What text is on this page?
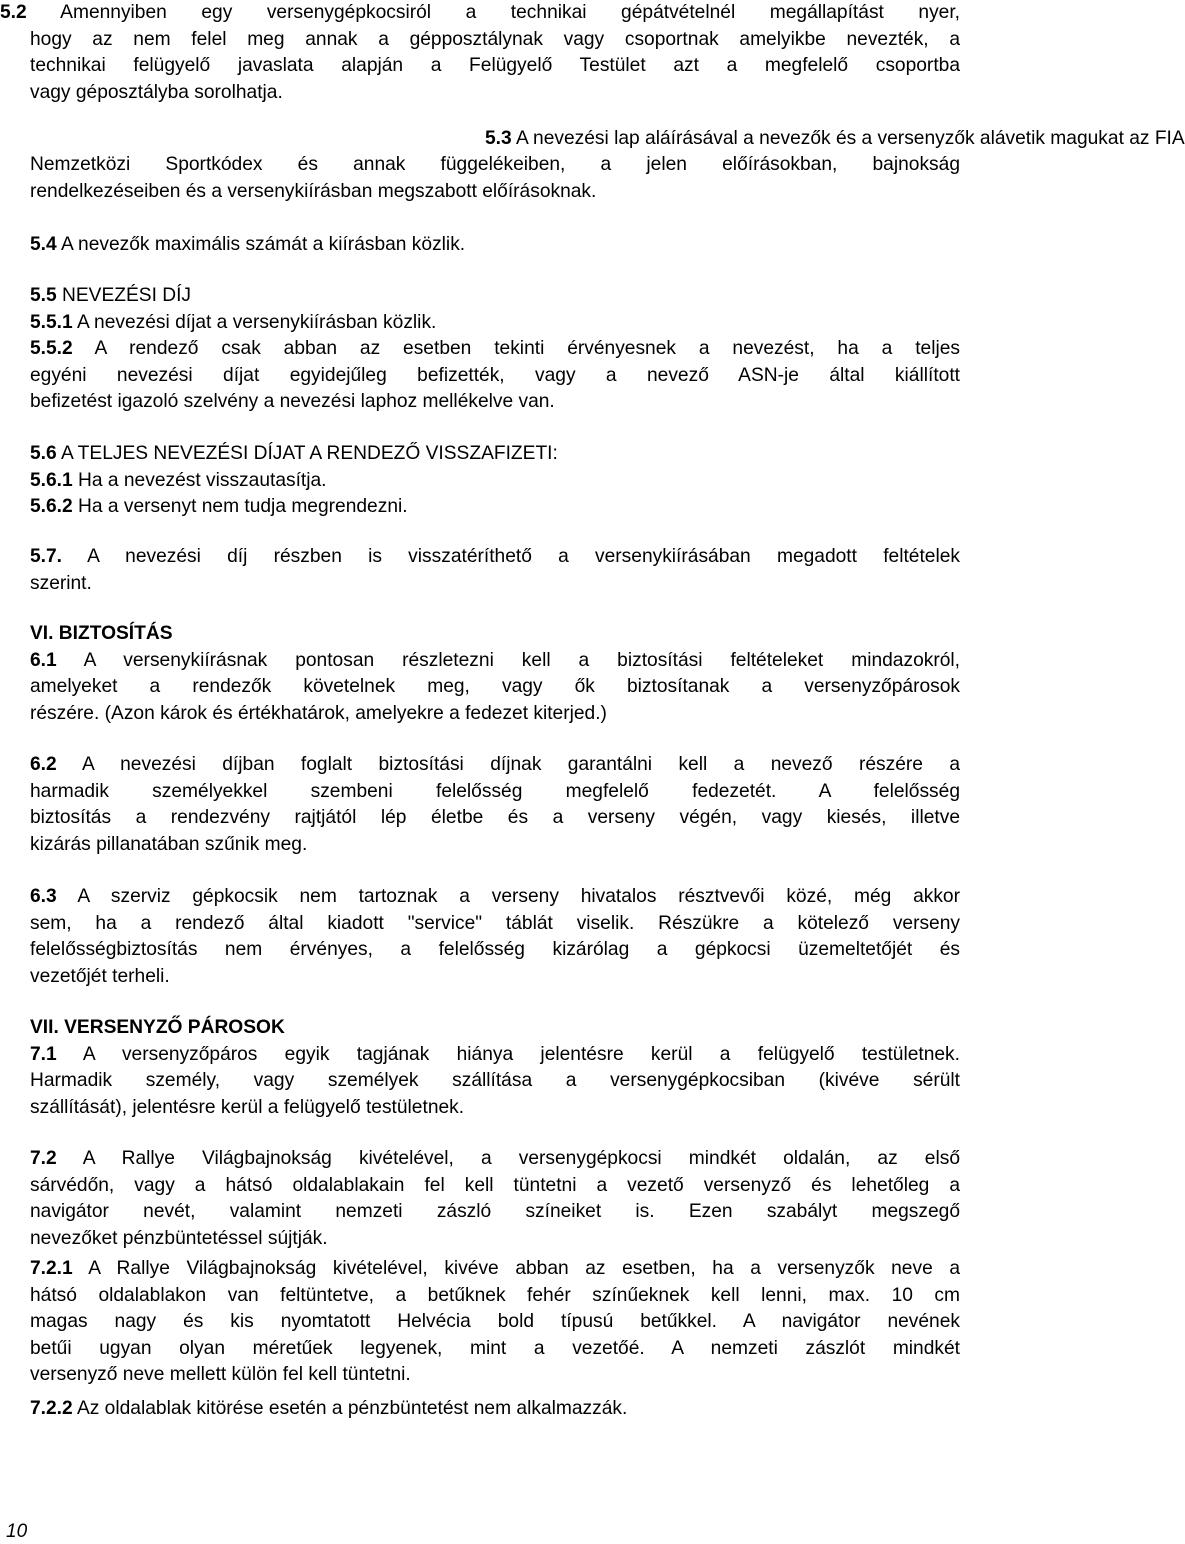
5.2 Amennyiben egy versenygépkocsiról a technikai gépátvételnél megállapítást nyer,
hogy az nem felel meg annak a gépposztálynak vagy csoportnak amelyikbe nevezték, a
technikai felügyelő javaslata alapján a Felügyelő Testület azt a megfelelő csoportba
vagy géposztályba sorolhatja.
5.3 A nevezési lap aláírásával a nevezők és a versenyzők alávetik magukat az FIA
Nemzetközi Sportkódex és annak függelékeiben, a jelen előírásokban, bajnokság
rendelkezéseiben és a versenykiírásban megszabott előírásoknak.
5.4 A nevezők maximális számát a kiírásban közlik.
5.5 NEVEZÉSI DÍJ
5.5.1 A nevezési díjat a versenykiírásban közlik.
5.5.2 A rendező csak abban az esetben tekinti érvényesnek a nevezést, ha a teljes
egyéni nevezési díjat egyidejűleg befizették, vagy a nevező ASN-je által kiállított
befizetést igazoló szelvény a nevezési laphoz mellékelve van.
5.6 A TELJES NEVEZÉSI DÍJAT A RENDEZŐ VISSZAFIZETI:
5.6.1 Ha a nevezést visszautasítja.
5.6.2 Ha a versenyt nem tudja megrendezni.
5.7. A nevezési díj részben is visszatéríthető a versenykiírásában megadott feltételek
szerint.
VI. BIZTOSÍTÁS
6.1 A versenykiírásnak pontosan részletezni kell a biztosítási feltételeket mindazokról,
amelyeket a rendezők követelnek meg, vagy ők biztosítanak a versenyzőpárosok
részére. (Azon károk és értékhatárok, amelyekre a fedezet kiterjed.)
6.2 A nevezési díjban foglalt biztosítási díjnak garantálni kell a nevező részére a
harmadik személyekkel szembeni felelősség megfelelő fedezetét. A felelősség
biztosítás a rendezvény rajtjától lép életbe és a verseny végén, vagy kiesés, illetve
kizárás pillanatában szűnik meg.
6.3 A szerviz gépkocsik nem tartoznak a verseny hivatalos résztvevői közé, még akkor
sem, ha a rendező által kiadott "service" táblát viselik. Részükre a kötelező verseny
felelősségbiztosítás nem érvényes, a felelősség kizárólag a gépkocsi üzemeltetőjét és
vezetőjét terheli.
VII. VERSENYZŐ PÁROSOK
7.1 A versenyzőpáros egyik tagjának hiánya jelentésre kerül a felügyelő testületnek.
Harmadik személy, vagy személyek szállítása a versenygépkocsiban (kivéve sérült
szállítását), jelentésre kerül a felügyelő testületnek.
7.2 A Rallye Világbajnokság kivételével, a versenygépkocsi mindkét oldalán, az első
sárvédőn, vagy a hátsó oldalablakain fel kell tüntetni a vezető versenyző és lehetőleg a
navigátor nevét, valamint nemzeti zászló színeiket is. Ezen szabályt megszegő
nevezőket pénzbüntetéssel sújtják.
7.2.1 A Rallye Világbajnokság kivételével, kivéve abban az esetben, ha a versenyzők neve a
hátsó oldalablakon van feltüntetve, a betűknek fehér színűeknek kell lenni, max. 10 cm
magas nagy és kis nyomtatott Helvécia bold típusú betűkkel. A navigátor nevének
betűi ugyan olyan méretűek legyenek, mint a vezetőé. A nemzeti zászlót mindkét
versenyző neve mellett külön fel kell tüntetni.
7.2.2 Az oldalablak kitörése esetén a pénzbüntetést nem alkalmazzák.
10
